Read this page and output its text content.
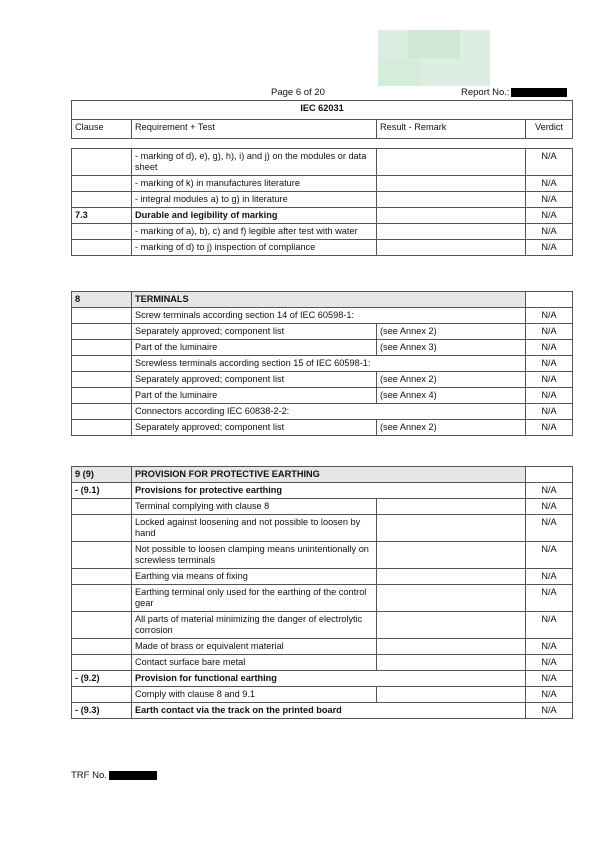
Page 6 of 20	Report No.:
IEC 62031
Clause	Requirement + Test	Result - Remark	Verdict
	- marking of d), e), g), h), i) and j) on the modules or data sheet		N/A
	- marking of k) in manufactures literature		N/A
	- integral modules a) to g) in literature		N/A
7.3	Durable and legibility of marking		N/A
	- marking of a), b), c) and f) legible after test with water		N/A
	- marking of d) to j) inspection of compliance		N/A
8	TERMINALS		
	Screw terminals according section 14 of IEC 60598-1:		N/A
	Separately approved; component list	(see Annex 2)	N/A
	Part of the luminaire	(see Annex 3)	N/A
	Screwless terminals according section 15 of IEC 60598-1:		N/A
	Separately approved; component list	(see Annex 2)	N/A
	Part of the luminaire	(see Annex 4)	N/A
	Connectors according IEC 60838-2-2:		N/A
	Separately approved; component list	(see Annex 2)	N/A
9 (9)	PROVISION FOR PROTECTIVE EARTHING		
- (9.1)	Provisions for protective earthing		N/A
	Terminal complying with clause 8		N/A
	Locked against loosening and not possible to loosen by hand		N/A
	Not possible to loosen clamping means unintentionally on screwless terminals		N/A
	Earthing via means of fixing		N/A
	Earthing terminal only used for the earthing of the control gear		N/A
	All parts of material minimizing the danger of electrolytic corrosion		N/A
	Made of brass or equivalent material		N/A
	Contact surface bare metal		N/A
- (9.2)	Provision for functional earthing		N/A
	Comply with clause 8 and 9.1		N/A
- (9.3)	Earth contact via the track on the printed board		N/A
TRF No.
